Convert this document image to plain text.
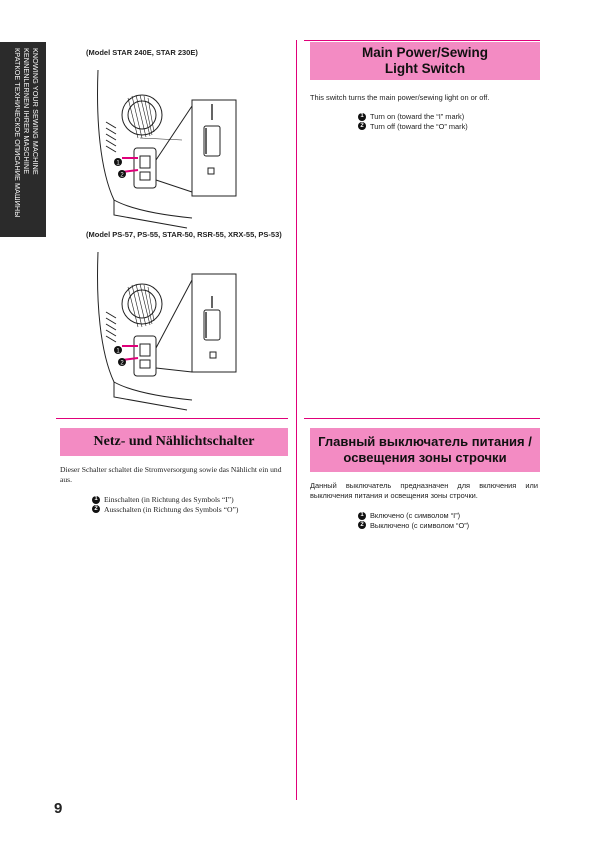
KNOWING YOUR SEWING MACHINE
KENNENLERNEN IHRER MASCHINE
КРАТКОЕ ТЕХНИЧЕСКОЕ ОПИСАНИЕ МАШИНЫ	(Model STAR 240E, STAR 230E)
(Model PS-57, PS-55, STAR-50, RSR-55, XRX-55, PS-53)
1
2
1
2
Main Power/Sewing
Light Switch
This switch turns the main power/sewing light on or off.
1 Turn on (toward the “I” mark)
2 Turn off (toward the “O” mark)
Netz- und Nählichtschalter
Dieser Schalter schaltet die Stromversorgung sowie das Nählicht ein und aus.
1 Einschalten (in Richtung des Symbols “I”)
2 Ausschalten (in Richtung des Symbols “O”)
Главный выключатель питания /
освещения зоны строчки
Данный выключатель предназначен для включения или выключения питания и освещения зоны строчки.
1 Включено (с символом “I”)
2 Выключено (с символом “O”)
9
